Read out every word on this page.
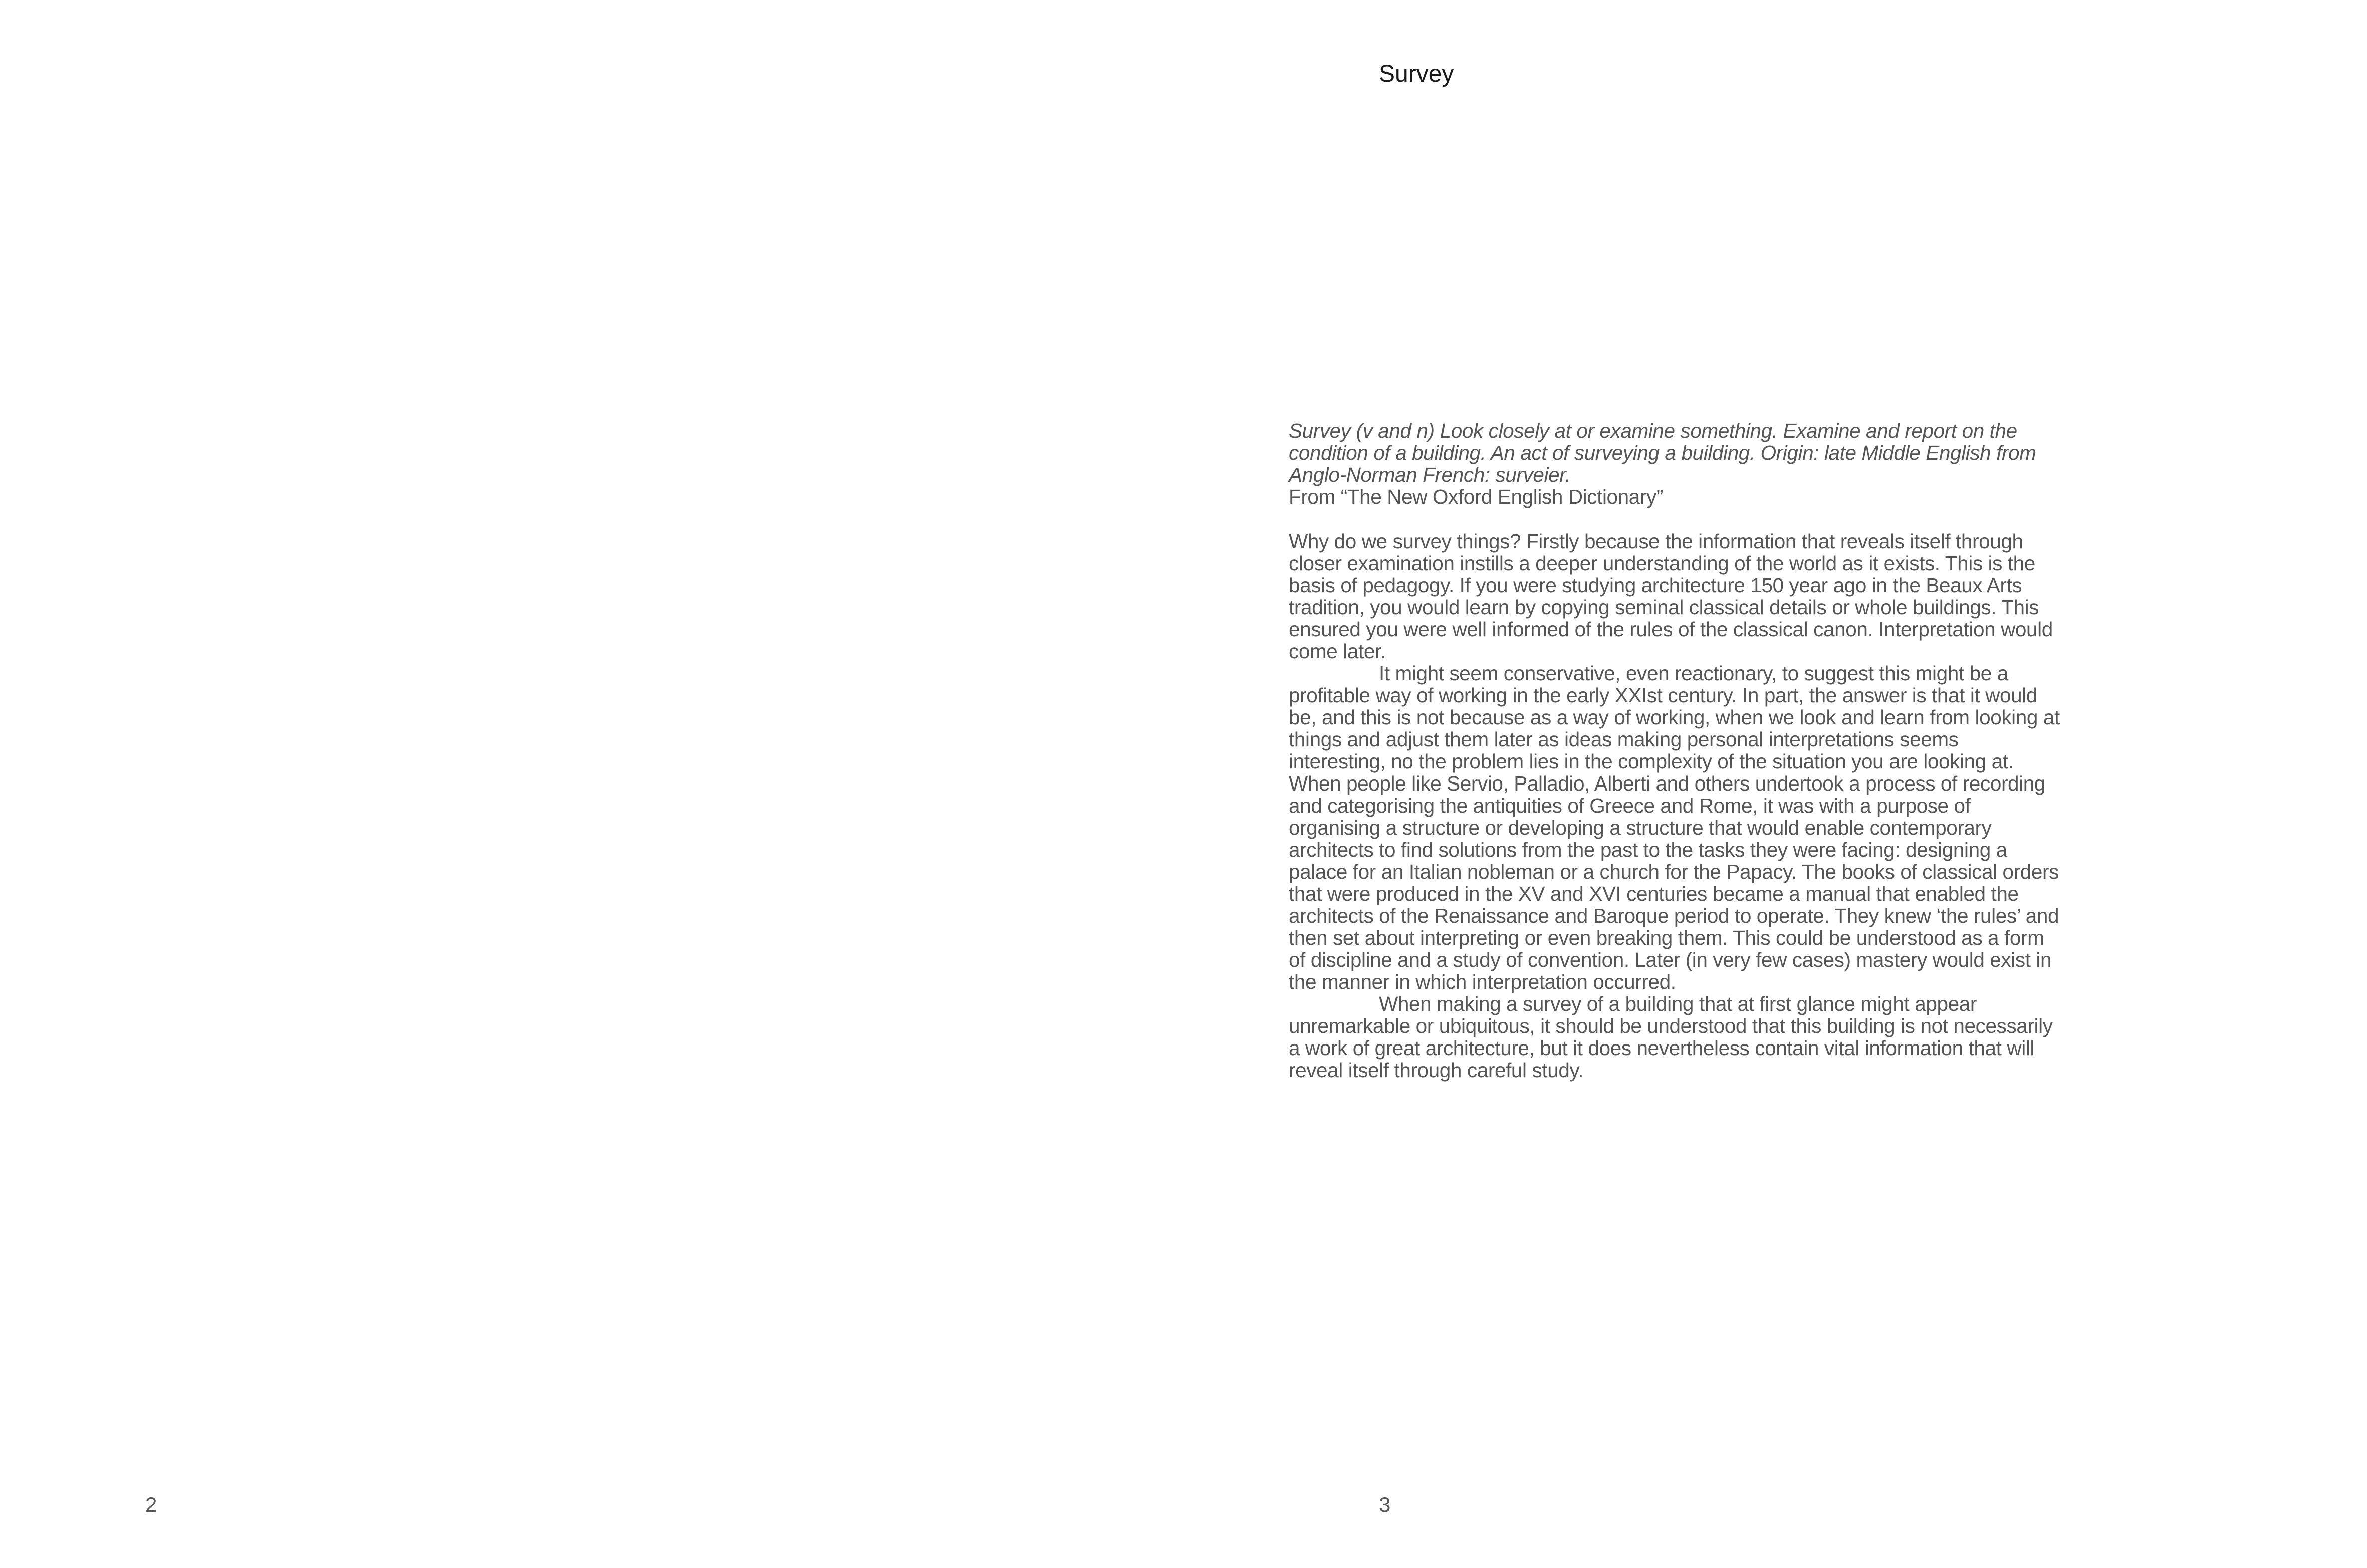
2
Survey

Survey (v and n) Look closely at or examine something. Examine and report on the condition of a building. An act of surveying a building. Origin: late Middle English from Anglo-Norman French: surveier.

From “The New Oxford English Dictionary”

Why do we survey things? Firstly because the information that reveals itself through closer examination instills a deeper understanding of the world as it exists. This is the basis of pedagogy. If you were studying architecture 150 year ago in the Beaux Arts tradition, you would learn by copying seminal classical details or whole buildings. This ensured you were well informed of the rules of the classical canon. Interpretation would come later.

It might seem conservative, even reactionary, to suggest this might be a profitable way of working in the early XXIst century. In part, the answer is that it would be, and this is not because as a way of working, when we look and learn from looking at things and adjust them later as ideas making personal interpretations seems interesting, no the problem lies in the complexity of the situation you are looking at. When people like Servio, Palladio, Alberti and others undertook a process of recording and categorising the antiquities of Greece and Rome, it was with a purpose of organising a structure or developing a structure that would enable contemporary architects to find solutions from the past to the tasks they were facing: designing a palace for an Italian nobleman or a church for the Papacy. The books of classical orders that were produced in the XV and XVI centuries became a manual that enabled the architects of the Renaissance and Baroque period to operate. They knew ‘the rules’ and then set about interpreting or even breaking them. This could be understood as a form of discipline and a study of convention. Later (in very few cases) mastery would exist in the manner in which interpretation occurred.

When making a survey of a building that at first glance might appear unremarkable or ubiquitous, it should be understood that this building is not necessarily a work of great architecture, but it does nevertheless contain vital information that will reveal itself through careful study.

3
